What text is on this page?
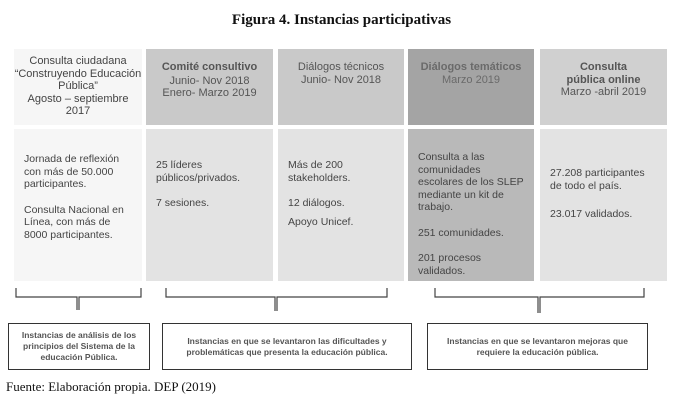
Figura 4. Instancias participativas
Consulta ciudadana “Construyendo Educación Pública”
Agosto – septiembre 2017

Jornada de reflexión con más de 50.000 participantes.

Consulta Nacional en Línea, con más de 8000 participantes.

Comité consultivo
Junio- Nov 2018 Enero- Marzo 2019

25 líderes públicos/privados.

7 sesiones.

Diálogos técnicos
Junio- Nov 2018

Más de 200 stakeholders.

12 diálogos.

Apoyo Unicef.

Diálogos temáticos
Marzo 2019

Consulta a las comunidades escolares de los SLEP mediante un kit de trabajo.

251 comunidades.

201 procesos validados.

Consulta pública online
Marzo -abril 2019

27.208 participantes de todo el país.

23.017 validados.

Instancias de análisis de los principios del Sistema de la educación Pública.
Instancias en que se levantaron las dificultades y problemáticas que presenta la educación pública.
Instancias en que se levantaron mejoras que requiere la educación pública.
Fuente: Elaboración propia. DEP (2019)
